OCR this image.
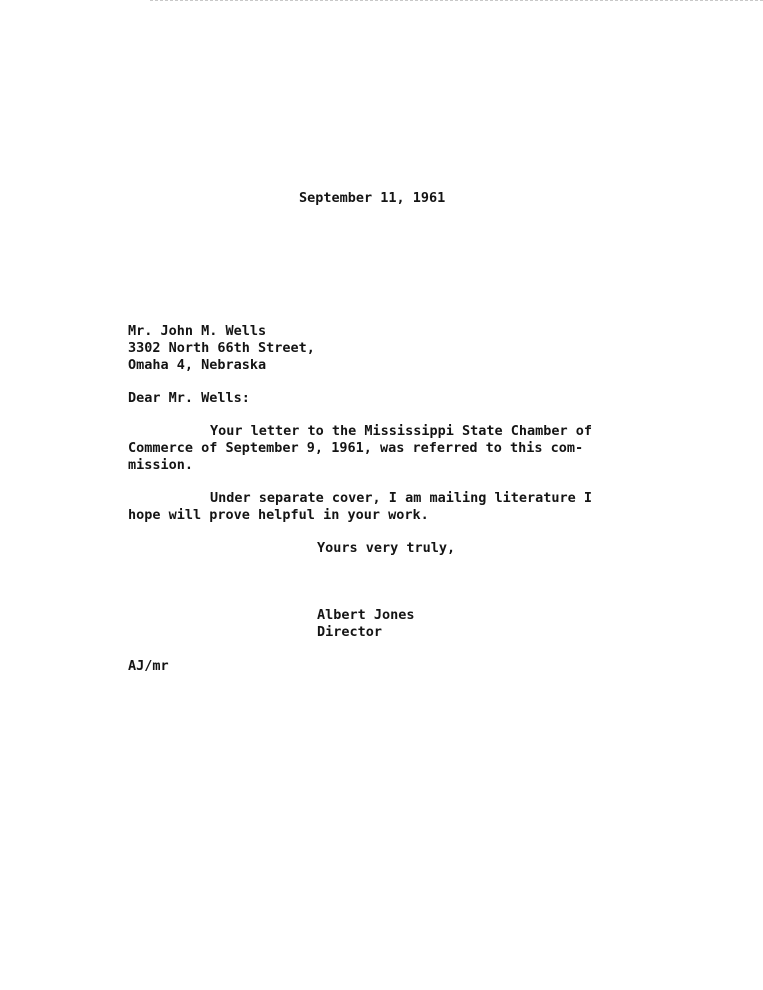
September 11, 1961
Mr. John M. Wells
3302 North 66th Street,
Omaha 4, Nebraska
Dear Mr. Wells:
Your letter to the Mississippi State Chamber of
Commerce of September 9, 1961, was referred to this com-
mission.
Under separate cover, I am mailing literature I
hope will prove helpful in your work.
Yours very truly,
Albert Jones
Director
AJ/mr
